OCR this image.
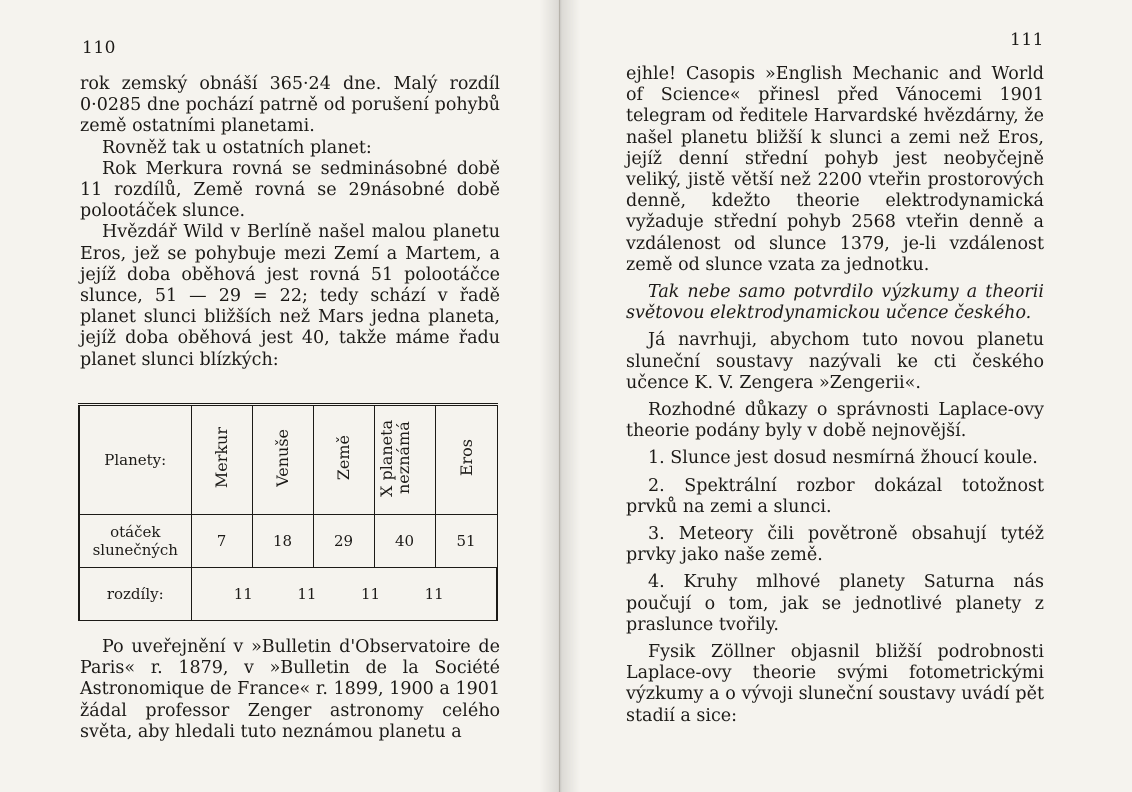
110

rok zemský obnáší 365·24 dne. Malý rozdíl 0·0285 dne pochází patrně od porušení pohybů země ostatními planetami.

Rovněž tak u ostatních planet:

Rok Merkura rovná se sedminásobné době 11 rozdílů, Země rovná se 29násobné době polootáček slunce.

Hvězdář Wild v Berlíně našel malou planetu Eros, jež se pohybuje mezi Zemí a Martem, a jejíž doba oběhová jest rovná 51 polootáčce slunce, 51 — 29 = 22; tedy schází v řadě planet slunci bližších než Mars jedna planeta, jejíž doba oběhová jest 40, takže máme řadu planet slunci blízkých:

Planety:	Merkur	Venuše	Země	X planeta neznámá	Eros
otáček slunečných	7	18	29	40	51
rozdíly:	11 11 11 11				

Po uveřejnění v »Bulletin d'Observatoire de Paris« r. 1879, v »Bulletin de la Société Astronomique de France« r. 1899, 1900 a 1901 žádal professor Zenger astronomy celého světa, aby hledali tuto neznámou planetu a

111

ejhle! Casopis »English Mechanic and World of Science« přinesl před Vánocemi 1901 telegram od ředitele Harvardské hvězdárny, že našel planetu bližší k slunci a zemi než Eros, jejíž denní střední pohyb jest neobyčejně veliký, jistě větší než 2200 vteřin prostorových denně, kdežto theorie elektrodynamická vyžaduje střední pohyb 2568 vteřin denně a vzdálenost od slunce 1379, je-li vzdálenost země od slunce vzata za jednotku.

Tak nebe samo potvrdilo výzkumy a theorii světovou elektrodynamickou učence českého.

Já navrhuji, abychom tuto novou planetu sluneční soustavy nazývali ke cti českého učence K. V. Zengera »Zengerii«.

Rozhodné důkazy o správnosti Laplace-ovy theorie podány byly v době nejnovější.

1. Slunce jest dosud nesmírná žhoucí koule.

2. Spektrální rozbor dokázal totožnost prvků na zemi a slunci.

3. Meteory čili povětroně obsahují tytéž prvky jako naše země.

4. Kruhy mlhové planety Saturna nás poučují o tom, jak se jednotlivé planety z praslunce tvořily.

Fysik Zöllner objasnil bližší podrobnosti Laplace-ovy theorie svými fotometrickými výzkumy a o vývoji sluneční soustavy uvádí pět stadií a sice:
